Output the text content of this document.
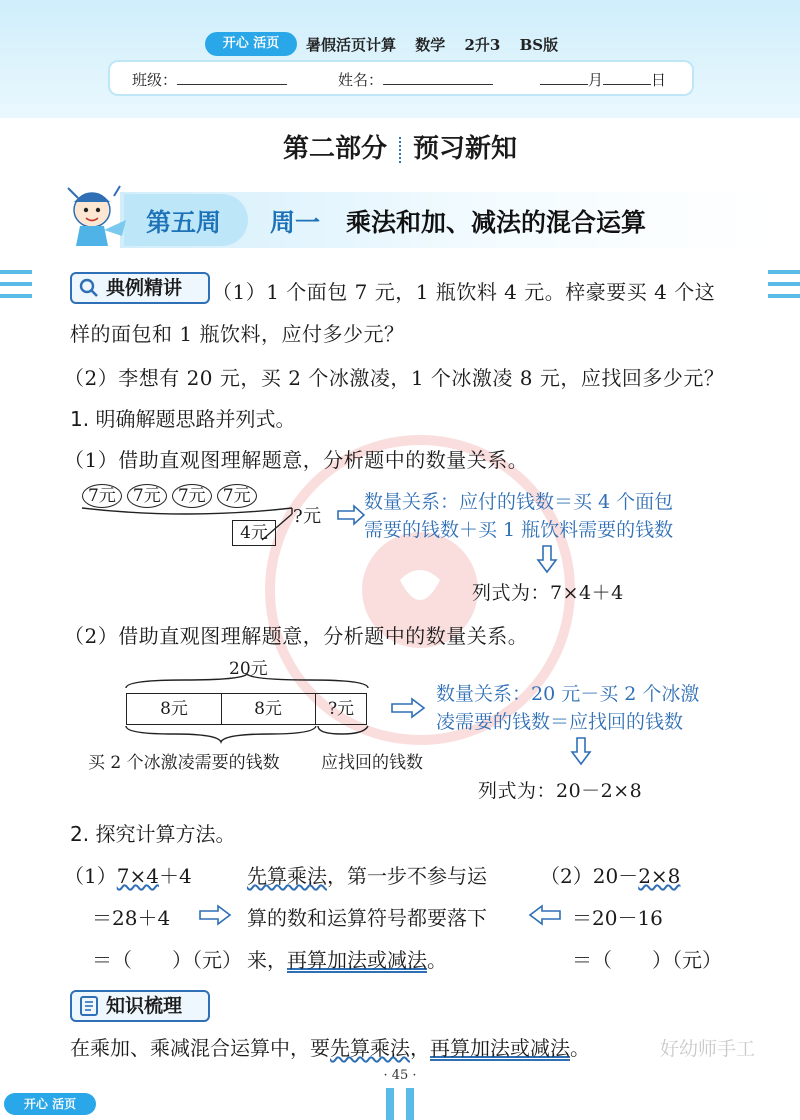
开心 活页	暑假活页计算 数学 2升3 BS版
班级：	姓名：	月	日
第二部分 预习新知
第五周 周一 乘法和加、减法的混合运算
典例精讲	（1）1 个面包 7 元，1 瓶饮料 4 元。梓豪要买 4 个这
样的面包和 1 瓶饮料，应付多少元？
（2）李想有 20 元，买 2 个冰激凌，1 个冰激凌 8 元，应找回多少元？
1. 明确解题思路并列式。
（1）借助直观图理解题意，分析题中的数量关系。
7元 7元 7元 7元
4元
?元
数量关系：应付的钱数＝买 4 个面包
需要的钱数＋买 1 瓶饮料需要的钱数
列式为：7×4＋4
（2）借助直观图理解题意，分析题中的数量关系。
20元
8元	8元	?元
买 2 个冰激凌需要的钱数 应找回的钱数
数量关系：20 元－买 2 个冰激
凌需要的钱数＝应找回的钱数
列式为：20－2×8
2. 探究计算方法。
（1）7×4＋4
＝28＋4
＝（　　）（元）
先算乘法，第一步不参与运
算的数和运算符号都要落下
来，再算加法或减法。
（2）20－2×8
＝20－16
＝（　　）（元）
知识梳理
在乘加、乘减混合运算中，要先算乘法，再算加法或减法。	好幼师手工
· 45 ·
开心 活页
